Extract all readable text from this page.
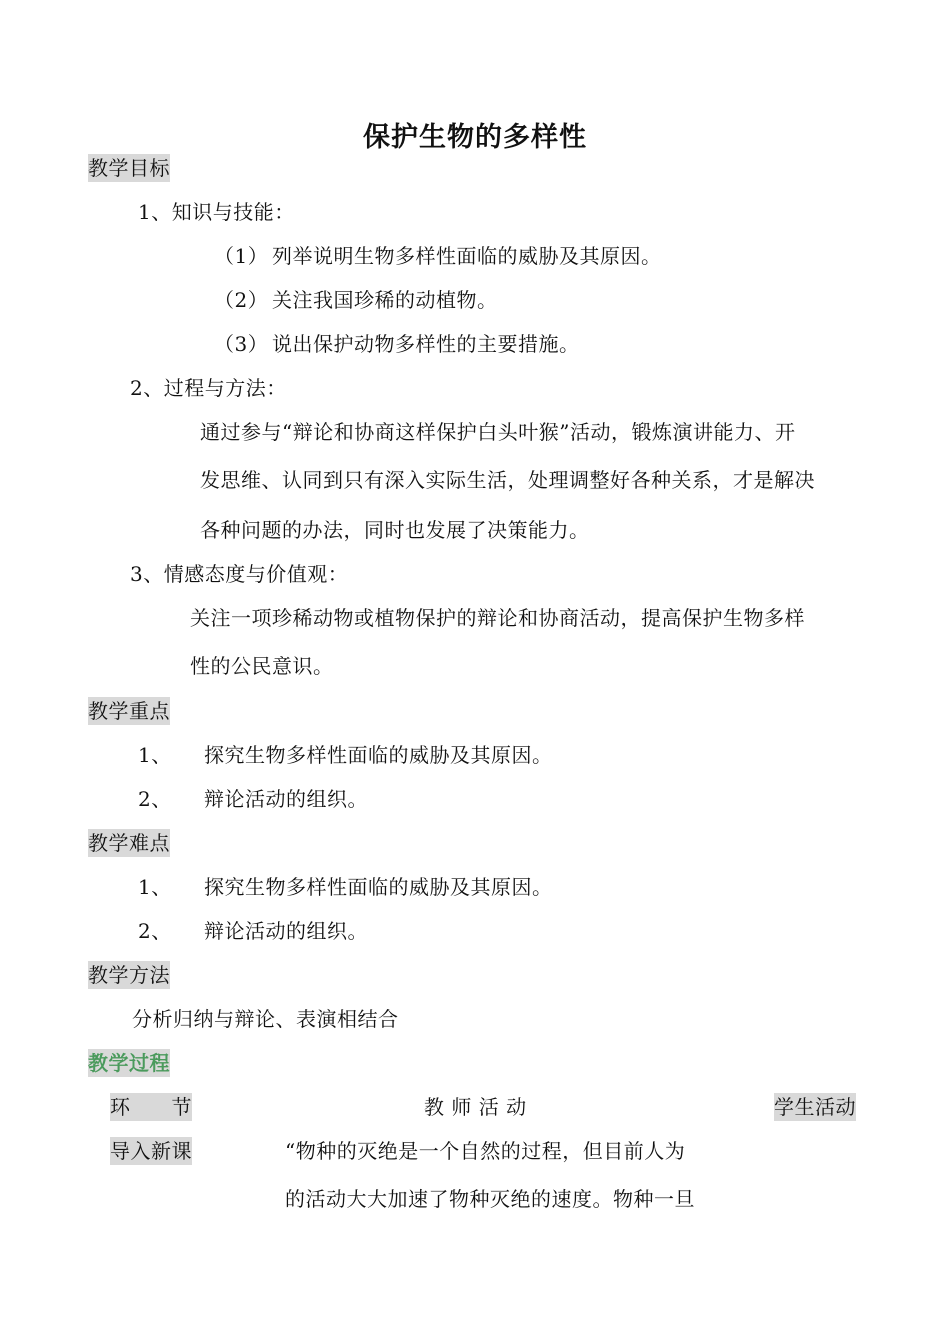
保护生物的多样性
教学目标
1、知识与技能：
（1） 列举说明生物多样性面临的威胁及其原因。
（2） 关注我国珍稀的动植物。
（3） 说出保护动物多样性的主要措施。
2、过程与方法：
通过参与“辩论和协商这样保护白头叶猴”活动，锻炼演讲能力、开
发思维、认同到只有深入实际生活，处理调整好各种关系，才是解决
各种问题的办法，同时也发展了决策能力。
3、情感态度与价值观：
关注一项珍稀动物或植物保护的辩论和协商活动，提高保护生物多样
性的公民意识。
教学重点
1、 探究生物多样性面临的威胁及其原因。
2、 辩论活动的组织。
教学难点
1、 探究生物多样性面临的威胁及其原因。
2、 辩论活动的组织。
教学方法
分析归纳与辩论、表演相结合
教学过程
环　　节	教 师 活 动	学生活动
导入新课	“物种的灭绝是一个自然的过程，但目前人为
的活动大大加速了物种灭绝的速度。物种一旦
